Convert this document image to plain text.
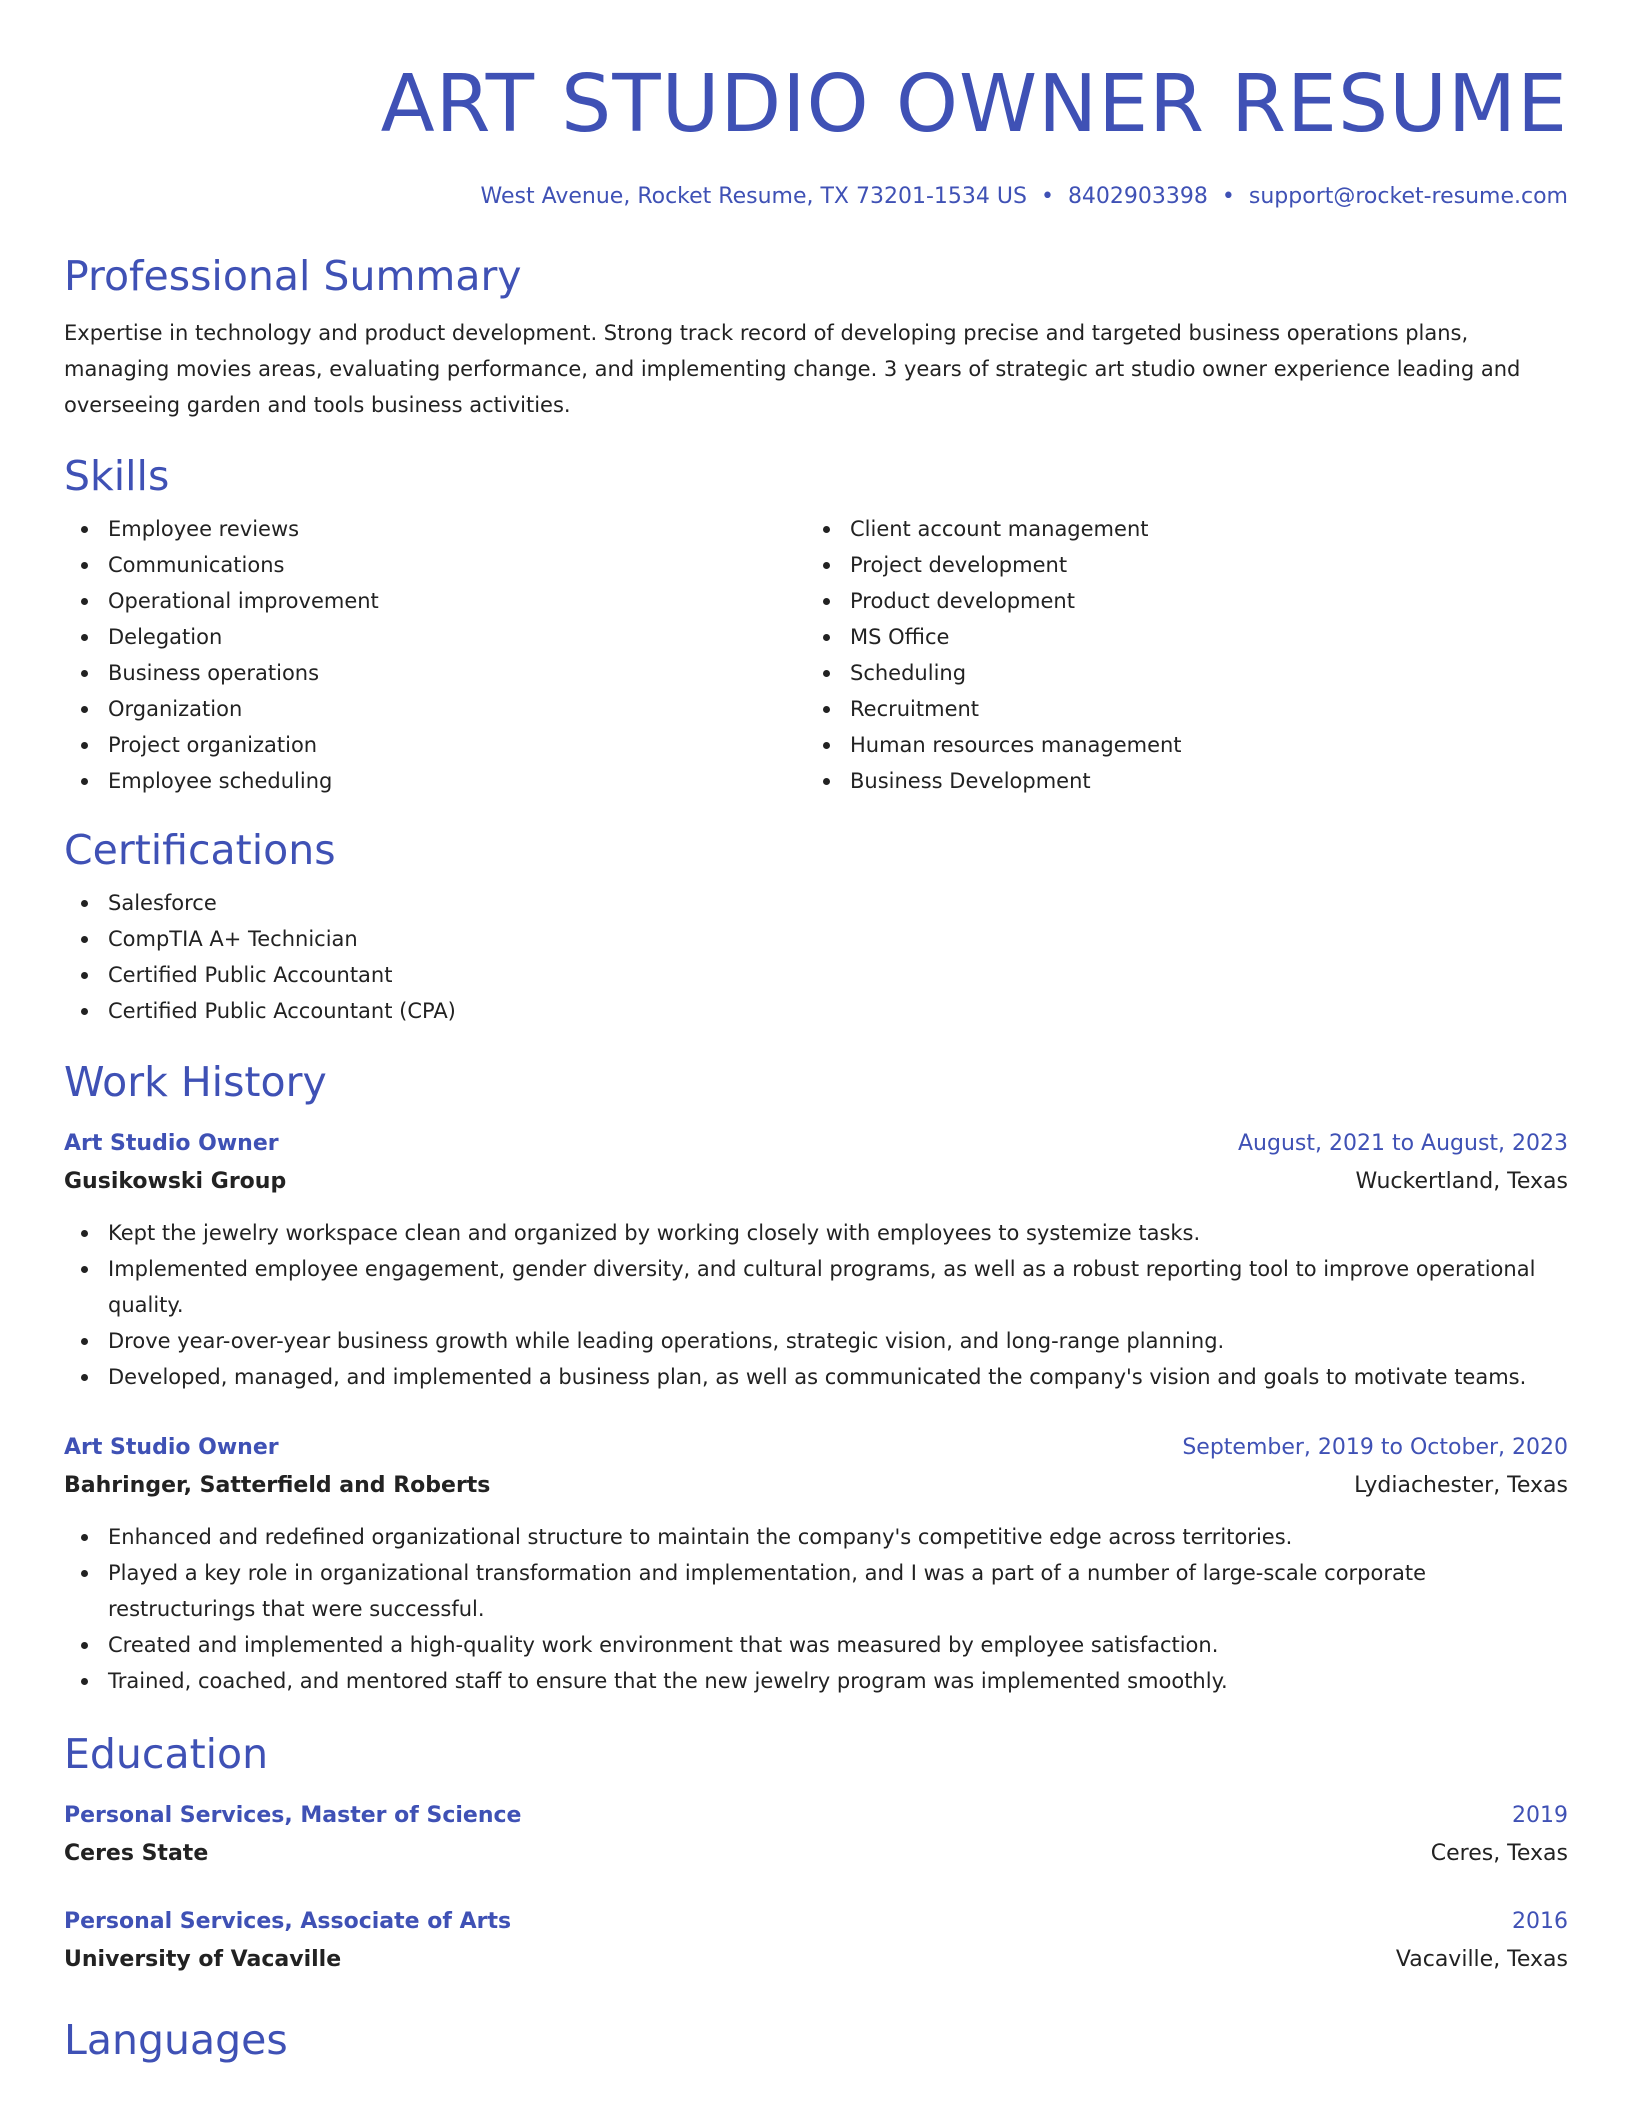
ART STUDIO OWNER RESUME
West Avenue, Rocket Resume, TX 73201-1534 US • 8402903398 • support@rocket-resume.com
Professional Summary

Expertise in technology and product development. Strong track record of developing precise and targeted business operations plans, managing movies areas, evaluating performance, and implementing change. 3 years of strategic art studio owner experience leading and overseeing garden and tools business activities.

Skills
Employee reviews
Communications
Operational improvement
Delegation
Business operations
Organization
Project organization
Employee scheduling
Client account management
Project development
Product development
MS Office
Scheduling
Recruitment
Human resources management
Business Development
Certifications
Salesforce
CompTIA A+ Technician
Certified Public Accountant
Certified Public Accountant (CPA)
Work History
Art Studio Owner	August, 2021 to August, 2023
Gusikowski Group	Wuckertland, Texas
Kept the jewelry workspace clean and organized by working closely with employees to systemize tasks.
Implemented employee engagement, gender diversity, and cultural programs, as well as a robust reporting tool to improve operational quality.
Drove year-over-year business growth while leading operations, strategic vision, and long-range planning.
Developed, managed, and implemented a business plan, as well as communicated the company's vision and goals to motivate teams.
Art Studio Owner	September, 2019 to October, 2020
Bahringer, Satterfield and Roberts	Lydiachester, Texas
Enhanced and redefined organizational structure to maintain the company's competitive edge across territories.
Played a key role in organizational transformation and implementation, and I was a part of a number of large-scale corporate restructurings that were successful.
Created and implemented a high-quality work environment that was measured by employee satisfaction.
Trained, coached, and mentored staff to ensure that the new jewelry program was implemented smoothly.
Education
Personal Services, Master of Science	2019
Ceres State	Ceres, Texas
Personal Services, Associate of Arts	2016
University of Vacaville	Vacaville, Texas
Languages
